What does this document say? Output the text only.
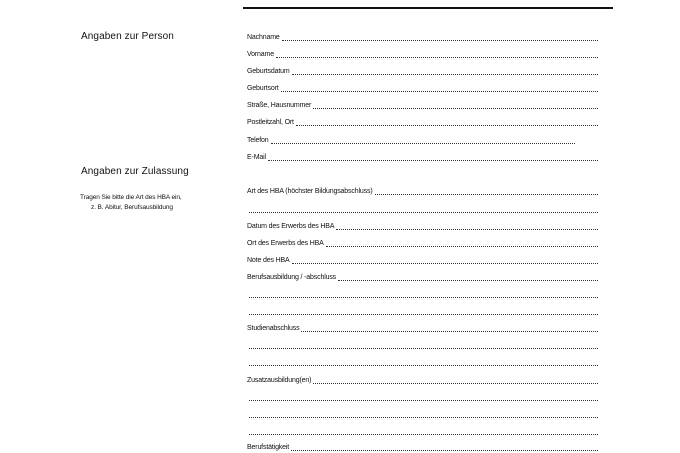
Angaben zur Person	Nachname
Vorname
Geburtsdatum
Geburtsort
Straße, Hausnummer
Postleitzahl, Ort
Telefon
E-Mail
Angaben zur Zulassung
Tragen Sie bitte die Art des HBA ein,
z. B. Abitur, Berufsausbildung
Art des HBA (höchster Bildungsabschluss)
Datum des Erwerbs des HBA
Ort des Erwerbs des HBA
Note des HBA
Berufsausbildung / -abschluss
Studienabschluss
Zusatzausbildung(en)
Berufstätigkeit
